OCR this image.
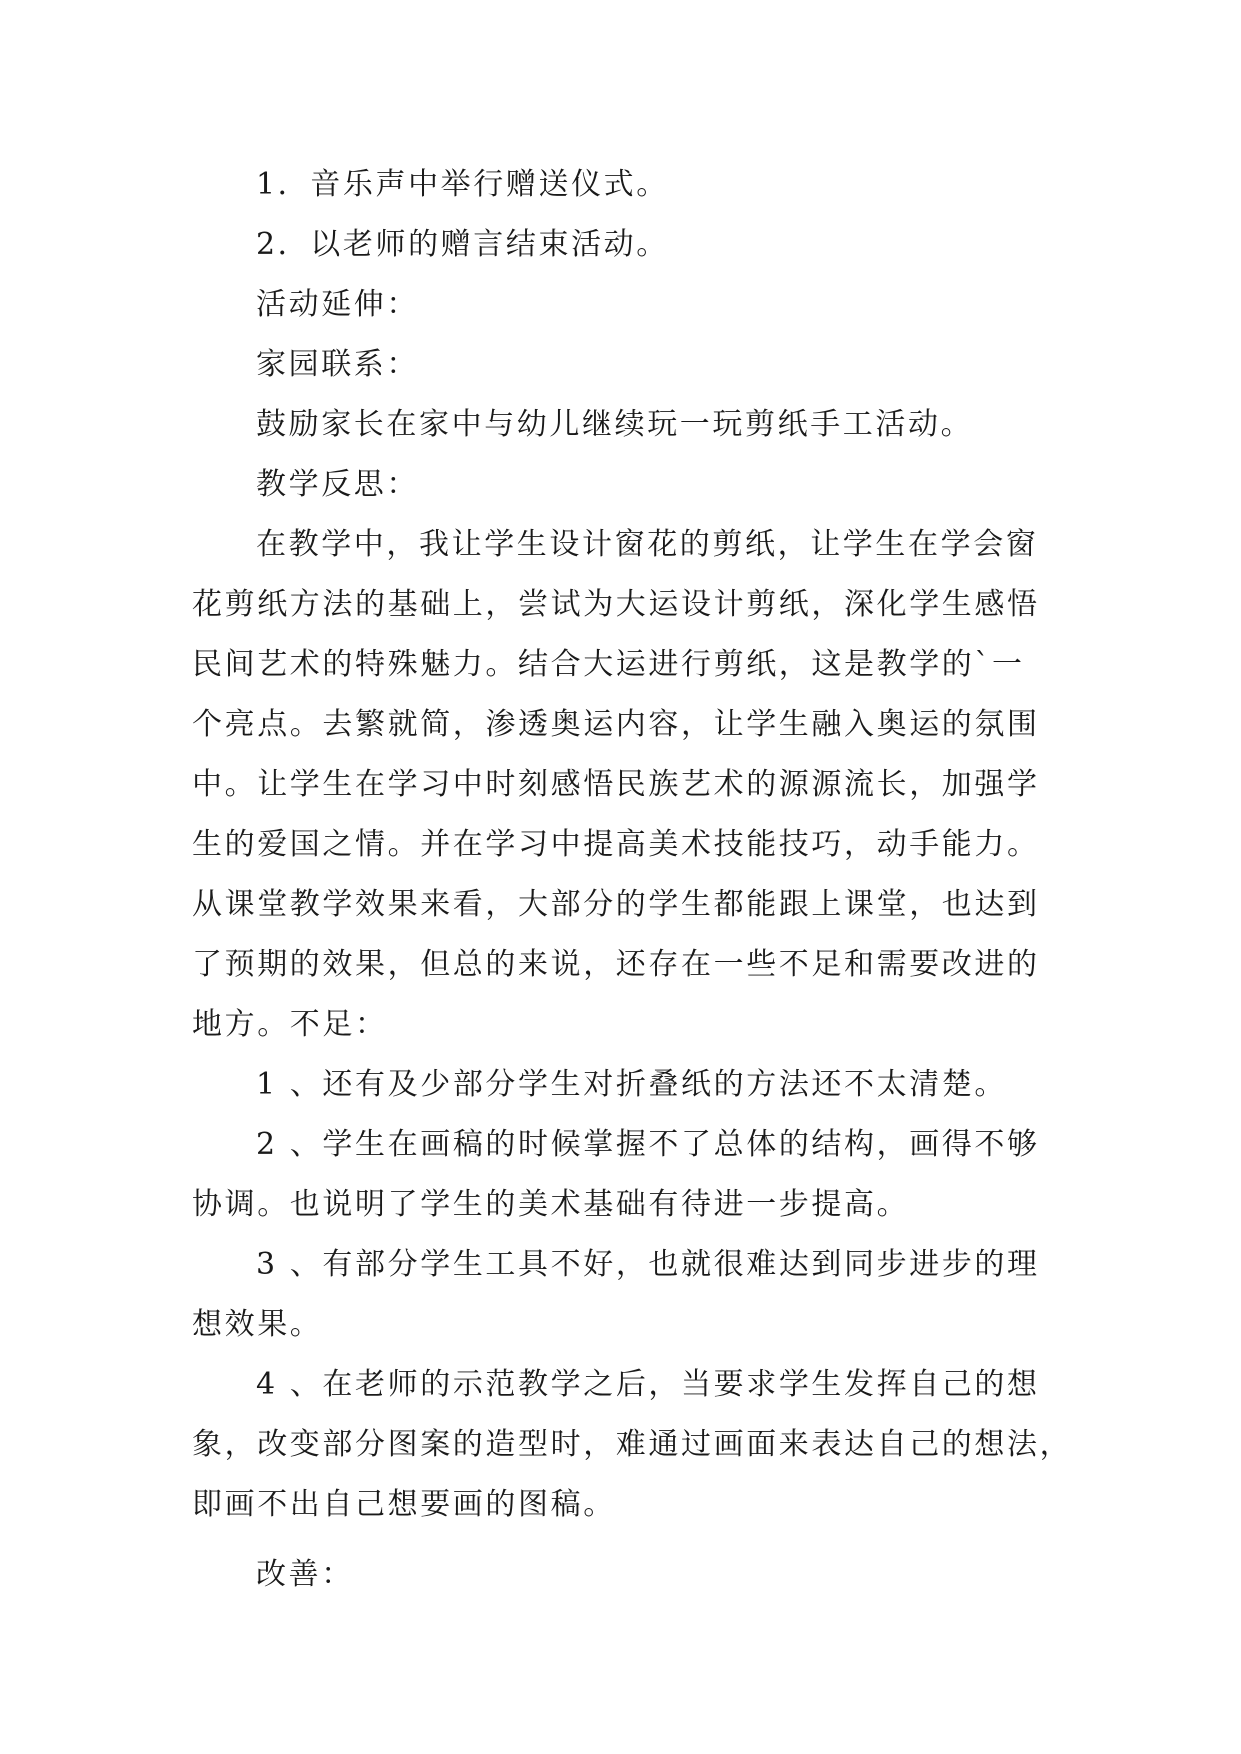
1．音乐声中举行赠送仪式。
2．以老师的赠言结束活动。
活动延伸：
家园联系：
鼓励家长在家中与幼儿继续玩一玩剪纸手工活动。
教学反思：
在教学中，我让学生设计窗花的剪纸，让学生在学会窗
花剪纸方法的基础上，尝试为大运设计剪纸，深化学生感悟
民间艺术的特殊魅力。结合大运进行剪纸，这是教学的`一
个亮点。去繁就简，渗透奥运内容，让学生融入奥运的氛围
中。让学生在学习中时刻感悟民族艺术的源源流长，加强学
生的爱国之情。并在学习中提高美术技能技巧，动手能力。
从课堂教学效果来看，大部分的学生都能跟上课堂，也达到
了预期的效果，但总的来说，还存在一些不足和需要改进的
地方。不足：
1 、还有及少部分学生对折叠纸的方法还不太清楚。
2 、学生在画稿的时候掌握不了总体的结构，画得不够
协调。也说明了学生的美术基础有待进一步提高。
3 、有部分学生工具不好，也就很难达到同步进步的理
想效果。
4 、在老师的示范教学之后，当要求学生发挥自己的想
象，改变部分图案的造型时，难通过画面来表达自己的想法，
即画不出自己想要画的图稿。
改善：
